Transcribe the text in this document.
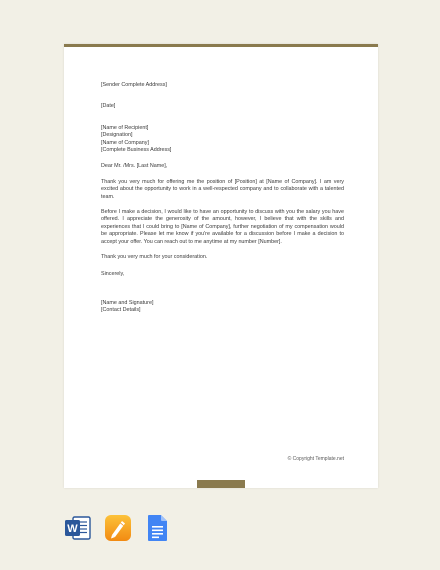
[Sender Complete Address]

[Date]

[Name of Recipient]

[Designation]

[Name of Company]

[Complete Business Address]

Dear Mr. /Mrs. [Last Name],

Thank you very much for offering me the position of [Position] at [Name of Company]. I am very excited about the opportunity to work in a well-respected company and to collaborate with a talented team.

Before I make a decision, I would like to have an opportunity to discuss with you the salary you have offered. I appreciate the generosity of the amount, however, I believe that with the skills and experiences that I could bring to [Name of Company], further negotiation of my compensation would be appropriate. Please let me know if you're available for a discussion before I make a decision to accept your offer. You can reach out to me anytime at my number [Number].

Thank you very much for your consideration.

Sincerely,

[Name and Signature]

[Contact Details]

© Copyright Template.net
W
